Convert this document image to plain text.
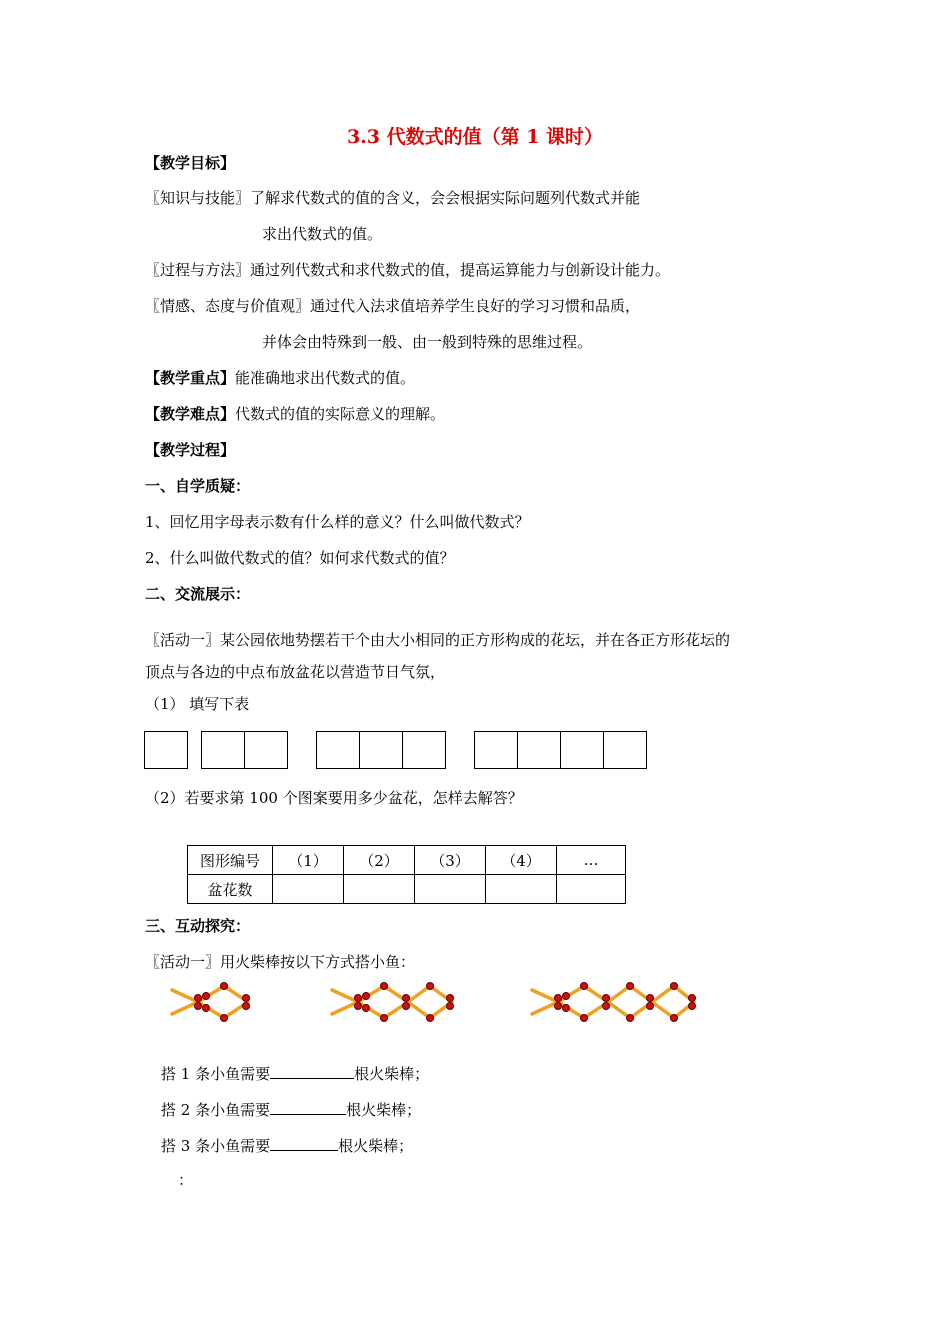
3.3 代数式的值（第 1 课时）
【教学目标】
〖知识与技能〗了解求代数式的值的含义，会会根据实际问题列代数式并能
求出代数式的值。
〖过程与方法〗通过列代数式和求代数式的值，提高运算能力与创新设计能力。
〖情感、态度与价值观〗通过代入法求值培养学生良好的学习习惯和品质，
并体会由特殊到一般、由一般到特殊的思维过程。
【教学重点】能准确地求出代数式的值。
【教学难点】代数式的值的实际意义的理解。
【教学过程】
一、自学质疑：
1、回忆用字母表示数有什么样的意义？什么叫做代数式？
2、什么叫做代数式的值？如何求代数式的值？
二、交流展示：
〖活动一〗某公园依地势摆若干个由大小相同的正方形构成的花坛，并在各正方形花坛的
顶点与各边的中点布放盆花以营造节日气氛，
（1） 填写下表
（2）若要求第 100 个图案要用多少盆花，怎样去解答？
图形编号	（1）	（2）	（3）	（4）	…
盆花数					
三、互动探究：
〖活动一〗用火柴棒按以下方式搭小鱼：
搭 1 条小鱼需要	根火柴棒；
搭 2 条小鱼需要	根火柴棒；
搭 3 条小鱼需要	根火柴棒；
：
